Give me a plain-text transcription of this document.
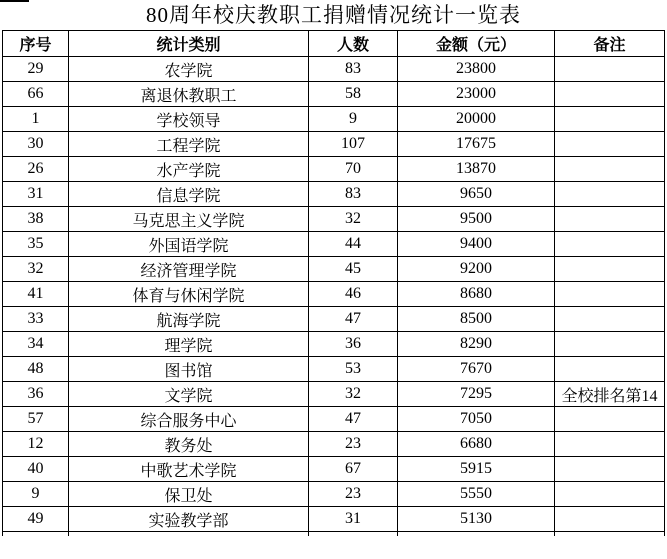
80周年校庆教职工捐赠情况统计一览表
序号	统计类别	人数	金额（元）	备注
29	农学院	83	23800	
66	离退休教职工	58	23000	
1	学校领导	9	20000	
30	工程学院	107	17675	
26	水产学院	70	13870	
31	信息学院	83	9650	
38	马克思主义学院	32	9500	
35	外国语学院	44	9400	
32	经济管理学院	45	9200	
41	体育与休闲学院	46	8680	
33	航海学院	47	8500	
34	理学院	36	8290	
48	图书馆	53	7670	
36	文学院	32	7295	全校排名第14
57	综合服务中心	47	7050	
12	教务处	23	6680	
40	中歌艺术学院	67	5915	
9	保卫处	23	5550	
49	实验教学部	31	5130	
